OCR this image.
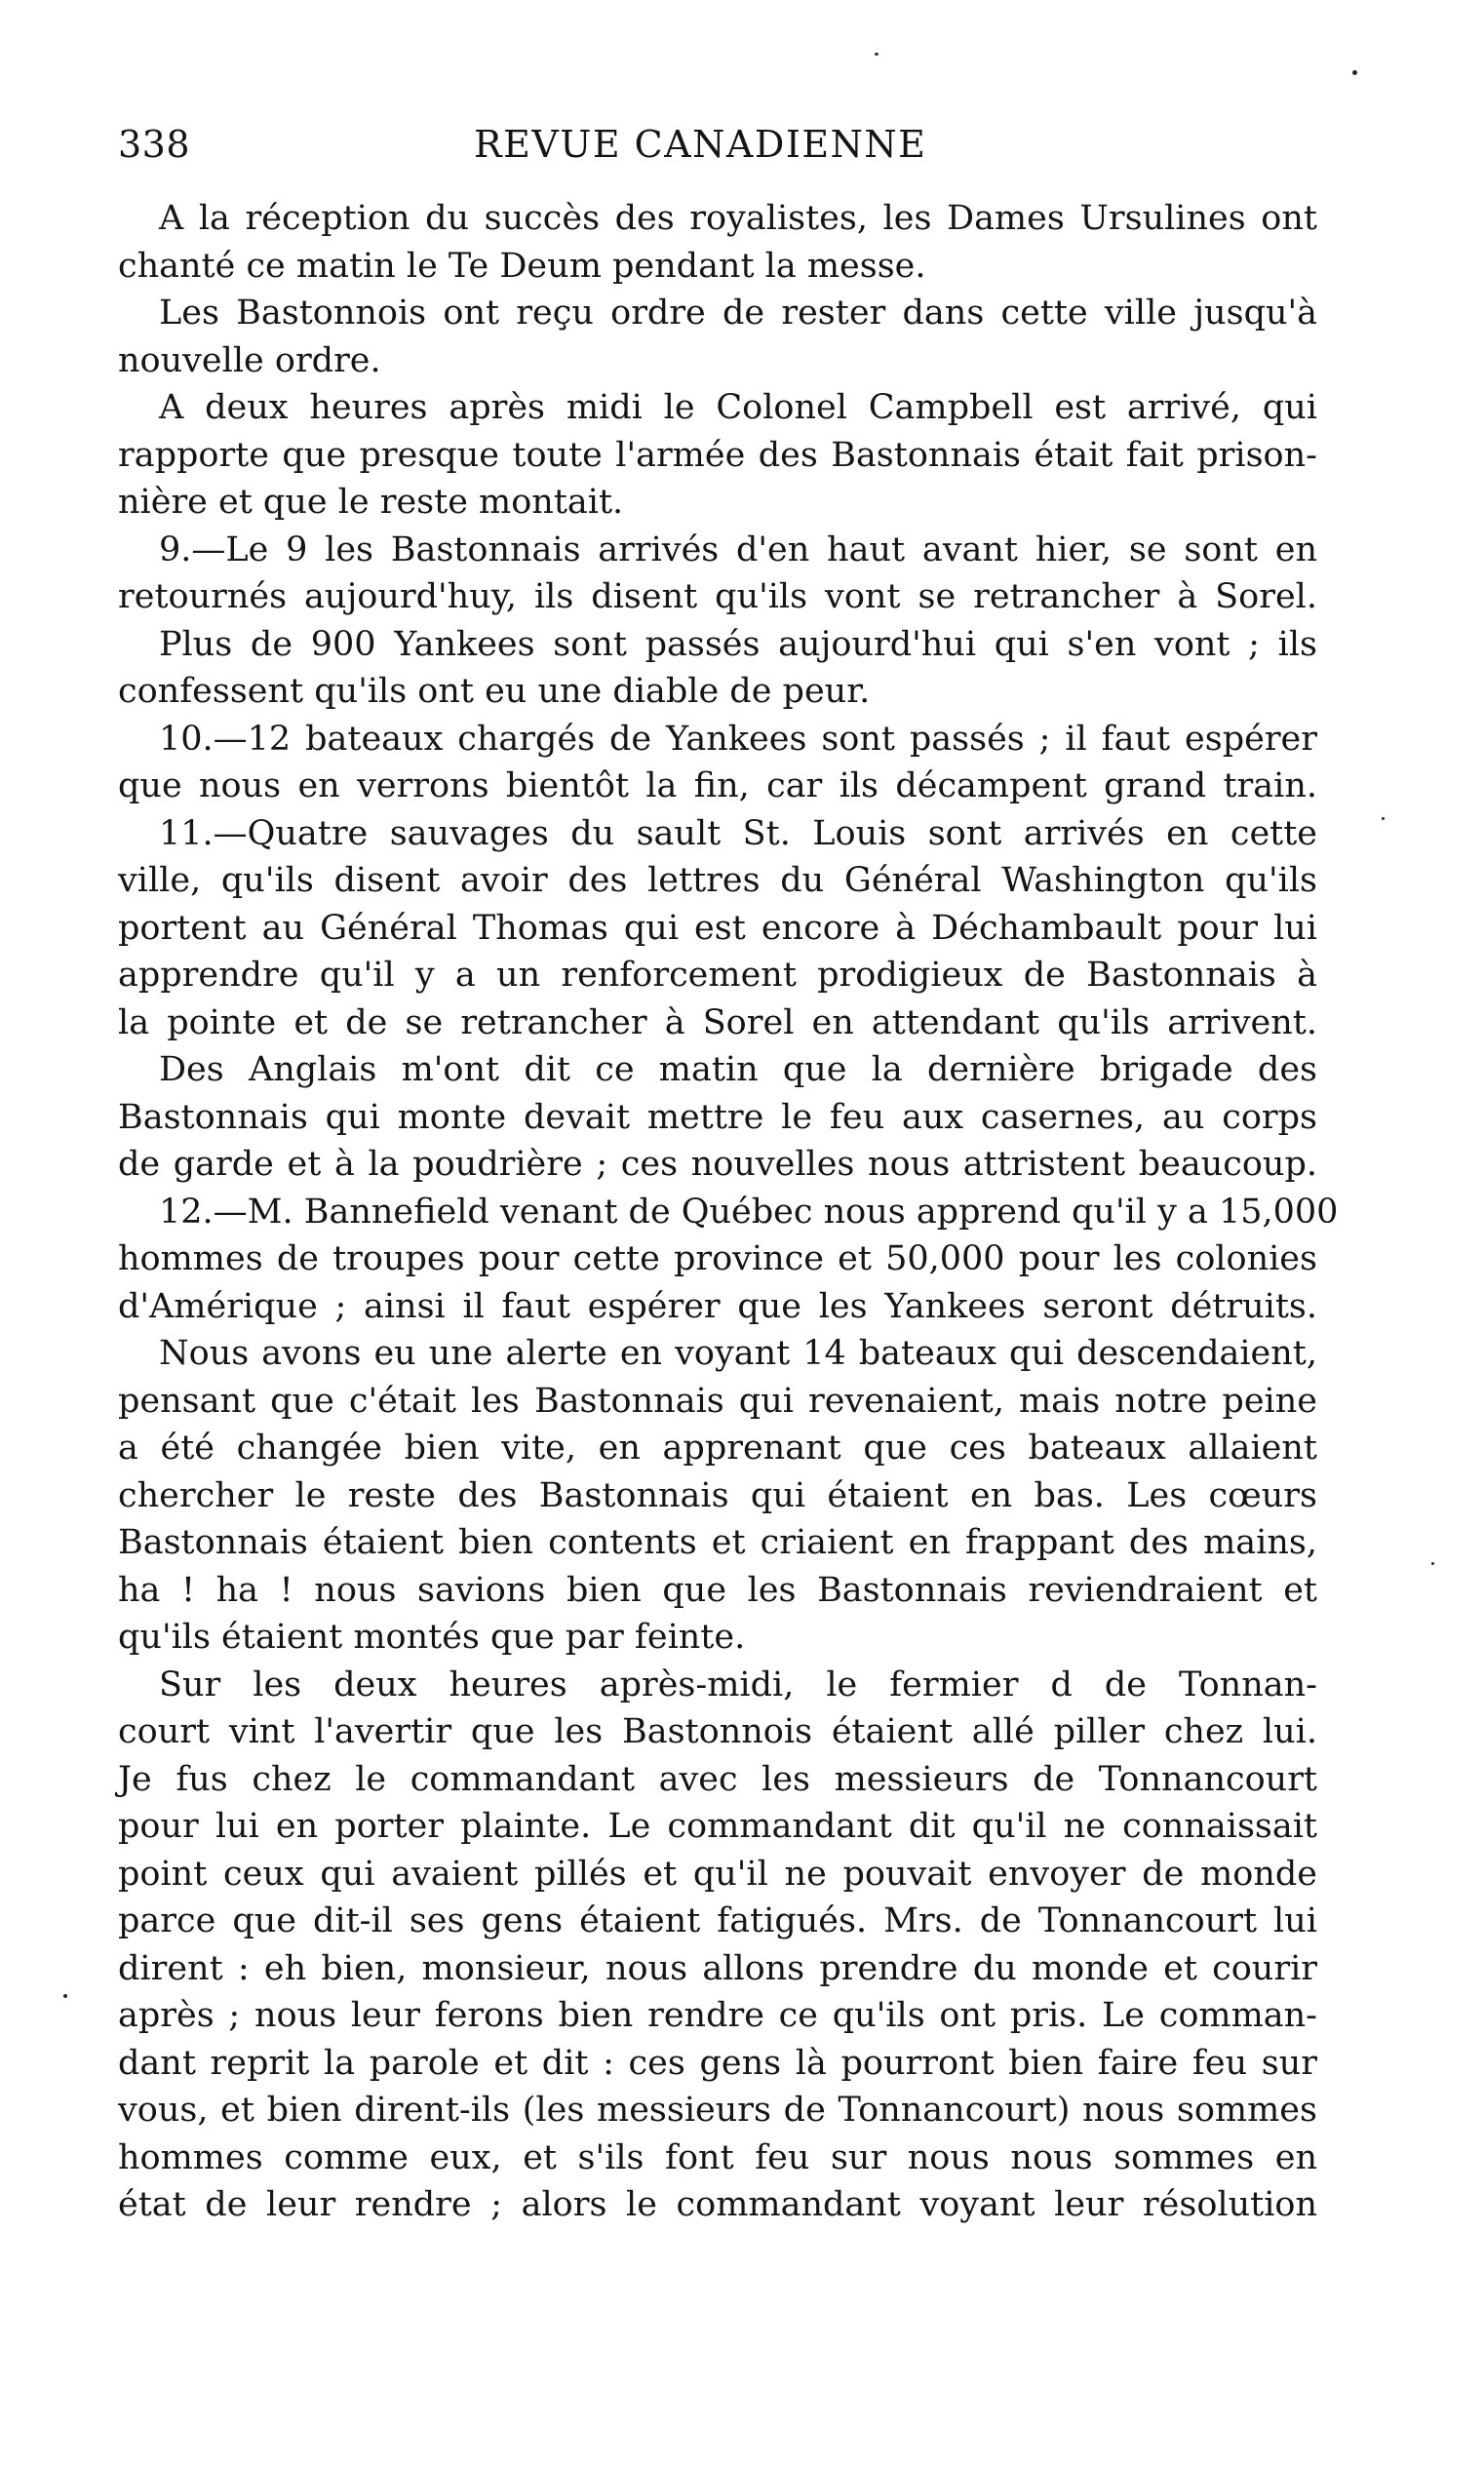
338	REVUE CANADIENNE
A la réception du succès des royalistes, les Dames Ursulines ont
chanté ce matin le Te Deum pendant la messe.
Les Bastonnois ont reçu ordre de rester dans cette ville jusqu'à
nouvelle ordre.
A deux heures après midi le Colonel Campbell est arrivé, qui
rapporte que presque toute l'armée des Bastonnais était fait prison-
nière et que le reste montait.
9.—Le 9 les Bastonnais arrivés d'en haut avant hier, se sont en
retournés aujourd'huy, ils disent qu'ils vont se retrancher à Sorel.
Plus de 900 Yankees sont passés aujourd'hui qui s'en vont ; ils
confessent qu'ils ont eu une diable de peur.
10.—12 bateaux chargés de Yankees sont passés ; il faut espérer
que nous en verrons bientôt la fin, car ils décampent grand train.
11.—Quatre sauvages du sault St. Louis sont arrivés en cette
ville, qu'ils disent avoir des lettres du Général Washington qu'ils
portent au Général Thomas qui est encore à Déchambault pour lui
apprendre qu'il y a un renforcement prodigieux de Bastonnais à
la pointe et de se retrancher à Sorel en attendant qu'ils arrivent.
Des Anglais m'ont dit ce matin que la dernière brigade des
Bastonnais qui monte devait mettre le feu aux casernes, au corps
de garde et à la poudrière ; ces nouvelles nous attristent beaucoup.
12.—M. Bannefield venant de Québec nous apprend qu'il y a 15,000
hommes de troupes pour cette province et 50,000 pour les colonies
d'Amérique ; ainsi il faut espérer que les Yankees seront détruits.
Nous avons eu une alerte en voyant 14 bateaux qui descendaient,
pensant que c'était les Bastonnais qui revenaient, mais notre peine
a été changée bien vite, en apprenant que ces bateaux allaient
chercher le reste des Bastonnais qui étaient en bas. Les cœurs
Bastonnais étaient bien contents et criaient en frappant des mains,
ha ! ha ! nous savions bien que les Bastonnais reviendraient et
qu'ils étaient montés que par feinte.
Sur les deux heures après-midi, le fermier d de Tonnan-
court vint l'avertir que les Bastonnois étaient allé piller chez lui.
Je fus chez le commandant avec les messieurs de Tonnancourt
pour lui en porter plainte. Le commandant dit qu'il ne connaissait
point ceux qui avaient pillés et qu'il ne pouvait envoyer de monde
parce que dit-il ses gens étaient fatigués. Mrs. de Tonnancourt lui
dirent : eh bien, monsieur, nous allons prendre du monde et courir
après ; nous leur ferons bien rendre ce qu'ils ont pris. Le comman-
dant reprit la parole et dit : ces gens là pourront bien faire feu sur
vous, et bien dirent-ils (les messieurs de Tonnancourt) nous sommes
hommes comme eux, et s'ils font feu sur nous nous sommes en
état de leur rendre ; alors le commandant voyant leur résolution
